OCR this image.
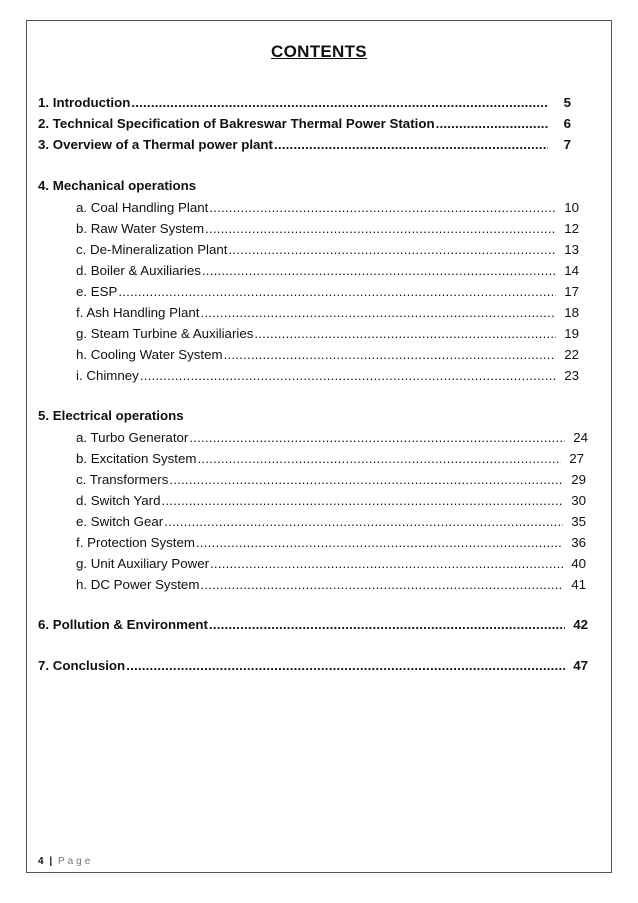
CONTENTS
1. Introduction .....	5
2. Technical Specification of Bakreswar Thermal Power Station .....	6
3. Overview of a Thermal power plant .....	7
4. Mechanical operations
a. Coal Handling Plant .....	10
b. Raw Water System .....	12
c. De-Mineralization Plant .....	13
d. Boiler & Auxiliaries .....	14
e. ESP .....	17
f. Ash Handling Plant .....	18
g. Steam Turbine & Auxiliaries .....	19
h. Cooling Water System .....	22
i. Chimney .....	23
5. Electrical operations
a. Turbo Generator .....	24
b. Excitation System .....	27
c. Transformers .....	29
d. Switch Yard .....	30
e. Switch Gear .....	35
f. Protection System .....	36
g. Unit Auxiliary Power .....	40
h. DC Power System .....	41
6. Pollution & Environment .....	42
7. Conclusion .....	47
4 | Page
